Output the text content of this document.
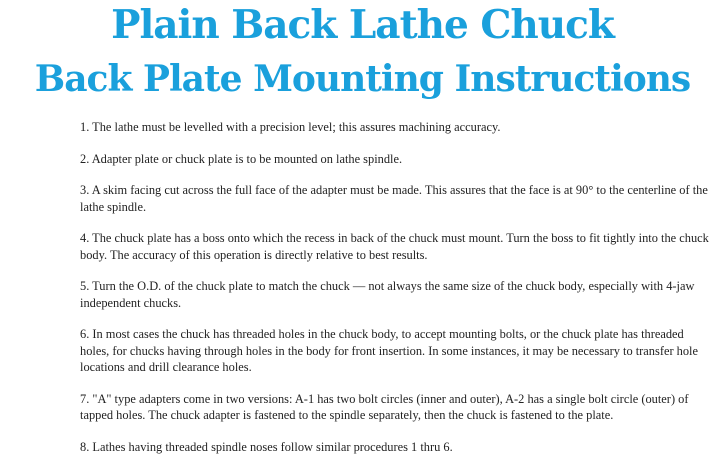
Plain Back Lathe Chuck
Back Plate Mounting Instructions
1. The lathe must be levelled with a precision level; this assures machining accuracy.
2. Adapter plate or chuck plate is to be mounted on lathe spindle.
3. A skim facing cut across the full face of the adapter must be made. This assures that the face is at 90° to the centerline of the lathe spindle.
4. The chuck plate has a boss onto which the recess in back of the chuck must mount. Turn the boss to fit tightly into the chuck body. The accuracy of this operation is directly relative to best results.
5. Turn the O.D. of the chuck plate to match the chuck — not always the same size of the chuck body, especially with 4-jaw independent chucks.
6. In most cases the chuck has threaded holes in the chuck body, to accept mounting bolts, or the chuck plate has threaded holes, for chucks having through holes in the body for front insertion. In some instances, it may be necessary to transfer hole locations and drill clearance holes.
7. "A" type adapters come in two versions: A-1 has two bolt circles (inner and outer), A-2 has a single bolt circle (outer) of tapped holes. The chuck adapter is fastened to the spindle separately, then the chuck is fastened to the plate.
8. Lathes having threaded spindle noses follow similar procedures 1 thru 6.
